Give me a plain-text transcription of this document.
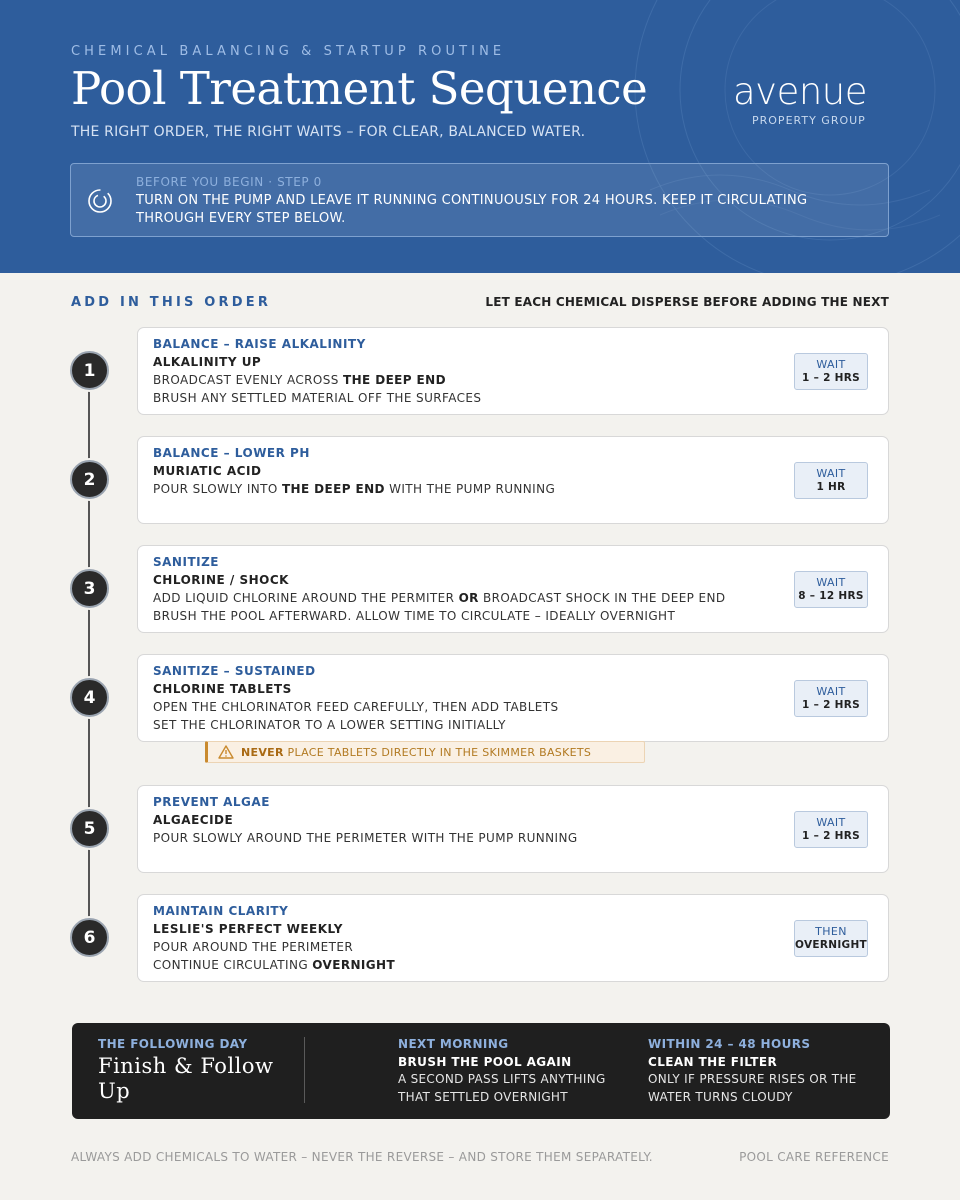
CHEMICAL BALANCING & STARTUP ROUTINE
Pool Treatment Sequence
THE RIGHT ORDER, THE RIGHT WAITS – FOR CLEAR, BALANCED WATER.
avenue
PROPERTY GROUP
BEFORE YOU BEGIN · STEP 0
TURN ON THE PUMP AND LEAVE IT RUNNING CONTINUOUSLY FOR 24 HOURS. KEEP IT CIRCULATING THROUGH EVERY STEP BELOW.
ADD IN THIS ORDER	LET EACH CHEMICAL DISPERSE BEFORE ADDING THE NEXT
1
BALANCE – RAISE ALKALINITY
ALKALINITY UP
BROADCAST EVENLY ACROSS THE DEEP END
BRUSH ANY SETTLED MATERIAL OFF THE SURFACES
WAIT
1 – 2 HRS
2
BALANCE – LOWER PH
MURIATIC ACID
POUR SLOWLY INTO THE DEEP END WITH THE PUMP RUNNING
WAIT
1 HR
3
SANITIZE
CHLORINE / SHOCK
ADD LIQUID CHLORINE AROUND THE PERMITER OR BROADCAST SHOCK IN THE DEEP END
BRUSH THE POOL AFTERWARD. ALLOW TIME TO CIRCULATE – IDEALLY OVERNIGHT
WAIT
8 – 12 HRS
4
SANITIZE – SUSTAINED
CHLORINE TABLETS
OPEN THE CHLORINATOR FEED CAREFULLY, THEN ADD TABLETS
SET THE CHLORINATOR TO A LOWER SETTING INITIALLY
WAIT
1 – 2 HRS
5
PREVENT ALGAE
ALGAECIDE
POUR SLOWLY AROUND THE PERIMETER WITH THE PUMP RUNNING
WAIT
1 – 2 HRS
6
MAINTAIN CLARITY
LESLIE'S PERFECT WEEKLY
POUR AROUND THE PERIMETER
CONTINUE CIRCULATING OVERNIGHT
THEN
OVERNIGHT
NEVER PLACE TABLETS DIRECTLY IN THE SKIMMER BASKETS
THE FOLLOWING DAY
Finish & Follow Up
NEXT MORNING
BRUSH THE POOL AGAIN
A SECOND PASS LIFTS ANYTHING THAT SETTLED OVERNIGHT
WITHIN 24 – 48 HOURS
CLEAN THE FILTER
ONLY IF PRESSURE RISES OR THE WATER TURNS CLOUDY
ALWAYS ADD CHEMICALS TO WATER – NEVER THE REVERSE – AND STORE THEM SEPARATELY.	POOL CARE REFERENCE
